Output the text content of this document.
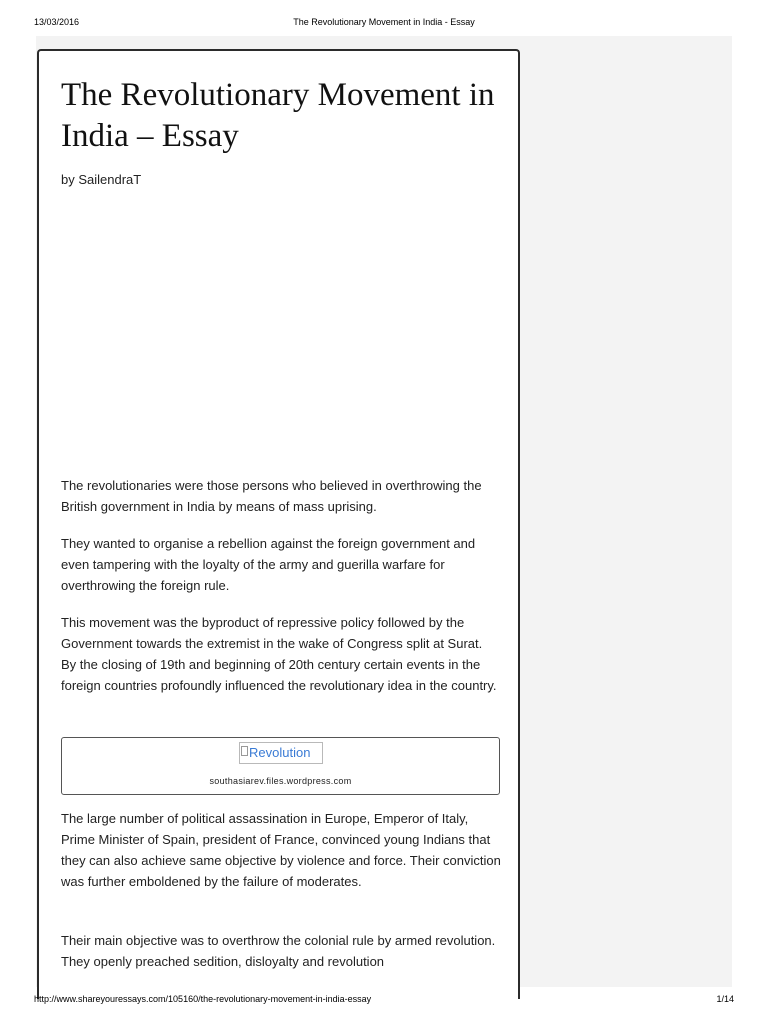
13/03/2016	The Revolutionary Movement in India - Essay
The Revolutionary Movement in India – Essay
by SailendraT

The revolutionaries were those persons who believed in overthrowing the British government in India by means of mass uprising.

They wanted to organise a rebellion against the foreign government and even tampering with the loyalty of the army and guerilla warfare for overthrowing the foreign rule.

This movement was the byproduct of repressive policy followed by the Government towards the extremist in the wake of Congress split at Surat. By the closing of 19th and beginning of 20th century certain events in the foreign countries profoundly influenced the revolutionary idea in the country.

Revolution
southasiarev.files.wordpress.com

The large number of political assassination in Europe, Emperor of Italy, Prime Minister of Spain, president of France, convinced young Indians that they can also achieve same objective by violence and force. Their conviction was further emboldened by the failure of moderates.

Their main objective was to overthrow the colonial rule by armed revolution. They openly preached sedition, disloyalty and revolution

http://www.shareyouressays.com/105160/the-revolutionary-movement-in-india-essay	1/14
